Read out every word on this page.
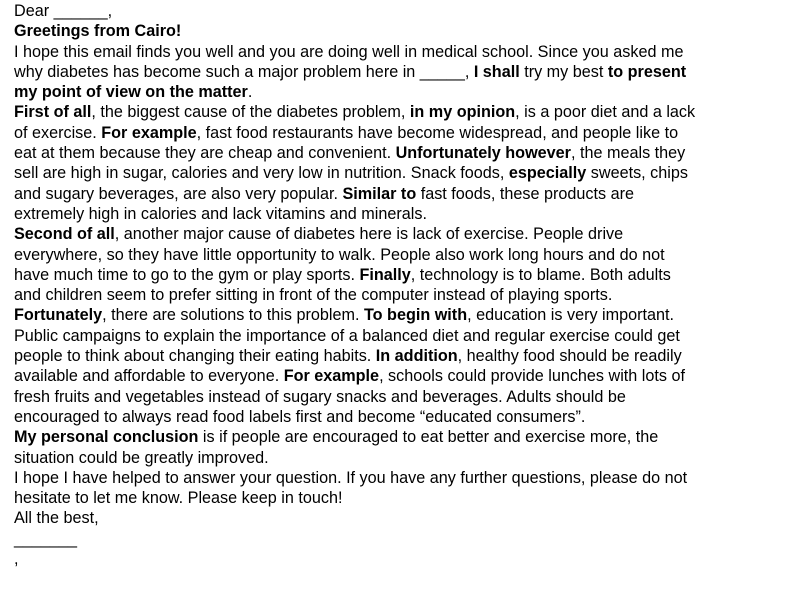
Dear ______,
Greetings from Cairo!
I hope this email finds you well and you are doing well in medical school. Since you asked me
why diabetes has become such a major problem here in _____, I shall try my best to present
my point of view on the matter.
First of all, the biggest cause of the diabetes problem, in my opinion, is a poor diet and a lack
of exercise. For example, fast food restaurants have become widespread, and people like to
eat at them because they are cheap and convenient. Unfortunately however, the meals they
sell are high in sugar, calories and very low in nutrition. Snack foods, especially sweets, chips
and sugary beverages, are also very popular. Similar to fast foods, these products are
extremely high in calories and lack vitamins and minerals.
Second of all, another major cause of diabetes here is lack of exercise. People drive
everywhere, so they have little opportunity to walk. People also work long hours and do not
have much time to go to the gym or play sports. Finally, technology is to blame. Both adults
and children seem to prefer sitting in front of the computer instead of playing sports.
Fortunately, there are solutions to this problem. To begin with, education is very important.
Public campaigns to explain the importance of a balanced diet and regular exercise could get
people to think about changing their eating habits. In addition, healthy food should be readily
available and affordable to everyone. For example, schools could provide lunches with lots of
fresh fruits and vegetables instead of sugary snacks and beverages. Adults should be
encouraged to always read food labels first and become “educated consumers”.
My personal conclusion is if people are encouraged to eat better and exercise more, the
situation could be greatly improved.
I hope I have helped to answer your question. If you have any further questions, please do not
hesitate to let me know. Please keep in touch!
All the best,
_______
,
